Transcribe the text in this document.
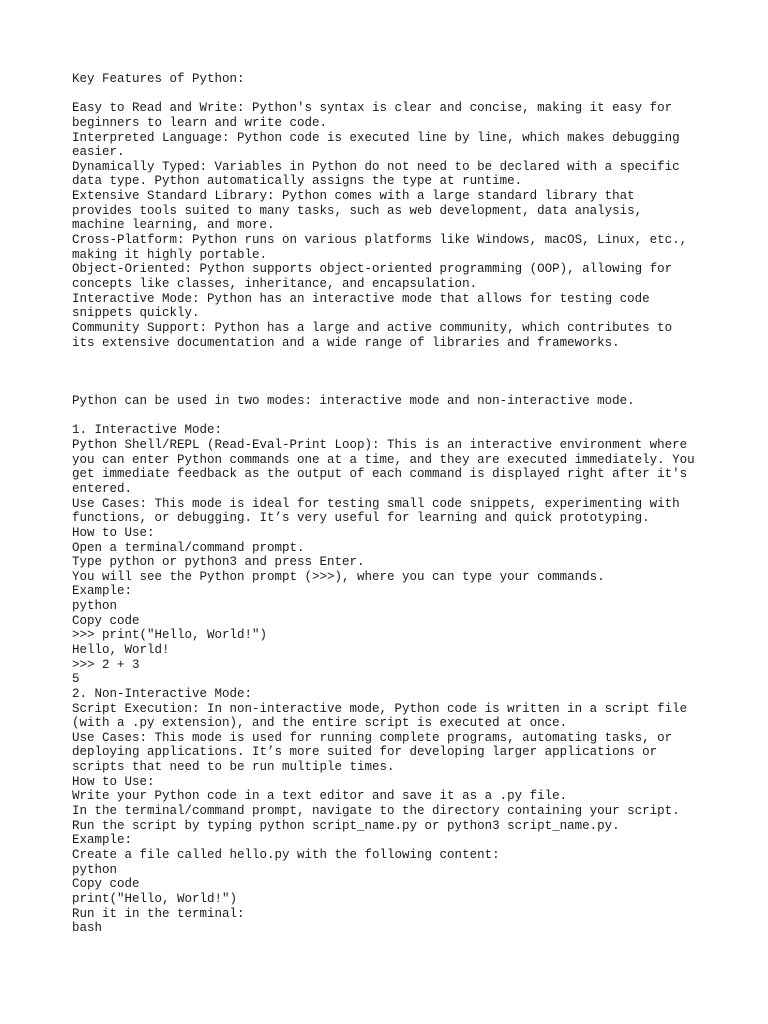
Key Features of Python:

Easy to Read and Write: Python's syntax is clear and concise, making it easy for
beginners to learn and write code.
Interpreted Language: Python code is executed line by line, which makes debugging
easier.
Dynamically Typed: Variables in Python do not need to be declared with a specific
data type. Python automatically assigns the type at runtime.
Extensive Standard Library: Python comes with a large standard library that
provides tools suited to many tasks, such as web development, data analysis,
machine learning, and more.
Cross-Platform: Python runs on various platforms like Windows, macOS, Linux, etc.,
making it highly portable.
Object-Oriented: Python supports object-oriented programming (OOP), allowing for
concepts like classes, inheritance, and encapsulation.
Interactive Mode: Python has an interactive mode that allows for testing code
snippets quickly.
Community Support: Python has a large and active community, which contributes to
its extensive documentation and a wide range of libraries and frameworks.

Python can be used in two modes: interactive mode and non-interactive mode.

1. Interactive Mode:
Python Shell/REPL (Read-Eval-Print Loop): This is an interactive environment where
you can enter Python commands one at a time, and they are executed immediately. You
get immediate feedback as the output of each command is displayed right after it's
entered.
Use Cases: This mode is ideal for testing small code snippets, experimenting with
functions, or debugging. It’s very useful for learning and quick prototyping.
How to Use:
Open a terminal/command prompt.
Type python or python3 and press Enter.
You will see the Python prompt (>>>), where you can type your commands.
Example:
python
Copy code
>>> print("Hello, World!")
Hello, World!
>>> 2 + 3
5
2. Non-Interactive Mode:
Script Execution: In non-interactive mode, Python code is written in a script file
(with a .py extension), and the entire script is executed at once.
Use Cases: This mode is used for running complete programs, automating tasks, or
deploying applications. It’s more suited for developing larger applications or
scripts that need to be run multiple times.
How to Use:
Write your Python code in a text editor and save it as a .py file.
In the terminal/command prompt, navigate to the directory containing your script.
Run the script by typing python script_name.py or python3 script_name.py.
Example:
Create a file called hello.py with the following content:
python
Copy code
print("Hello, World!")
Run it in the terminal:
bash
